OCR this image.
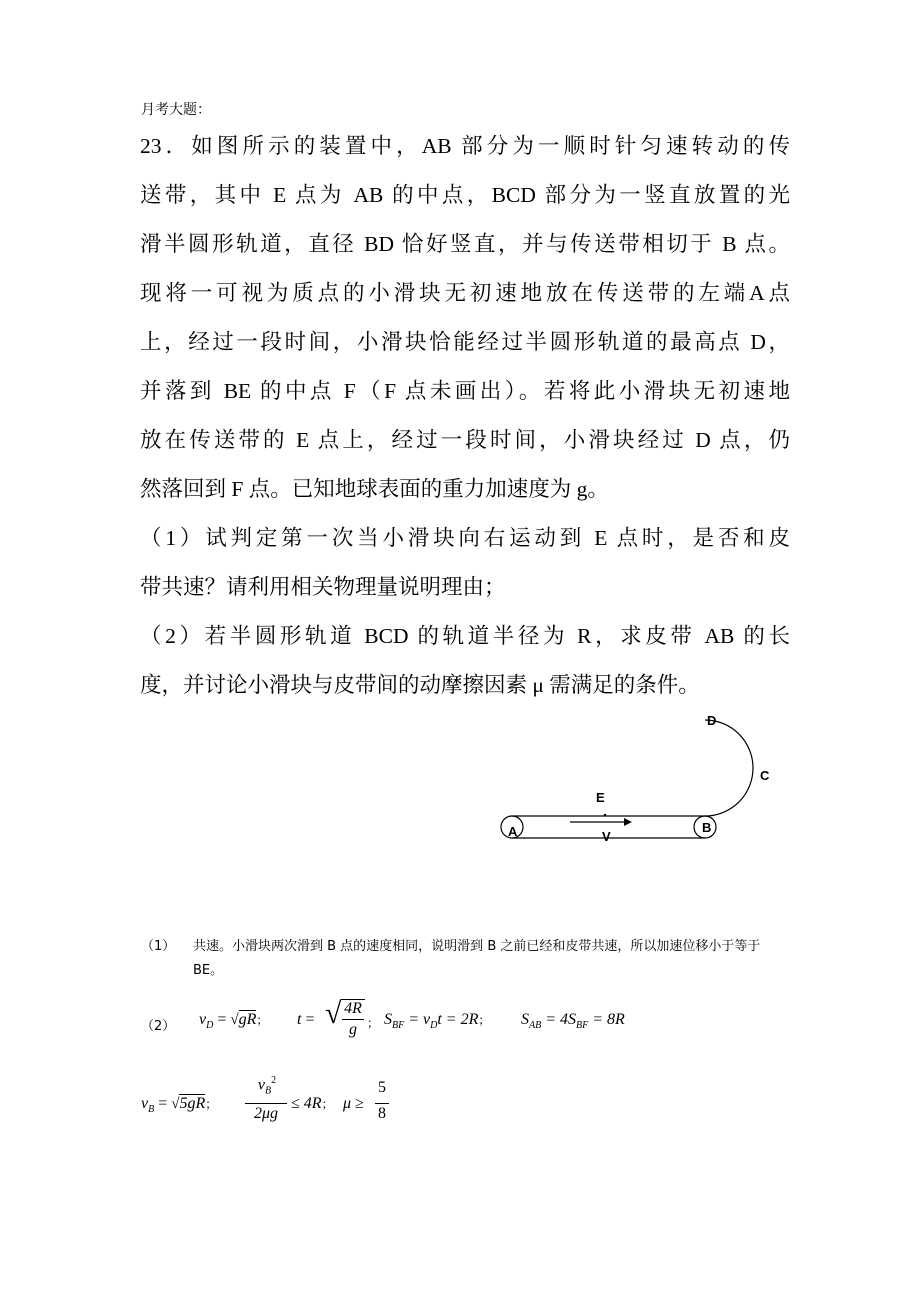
月考大题：

23．如图所示的装置中，AB 部分为一顺时针匀速转动的传

送带，其中 E 点为 AB 的中点，BCD 部分为一竖直放置的光

滑半圆形轨道，直径 BD 恰好竖直，并与传送带相切于 B 点。

现将一可视为质点的小滑块无初速地放在传送带的左端A点

上，经过一段时间，小滑块恰能经过半圆形轨道的最高点 D，

并落到 BE 的中点 F（F 点未画出）。若将此小滑块无初速地

放在传送带的 E 点上，经过一段时间，小滑块经过 D 点，仍

然落回到 F 点。已知地球表面的重力加速度为 g。

（1）试判定第一次当小滑块向右运动到 E 点时，是否和皮

带共速？请利用相关物理量说明理由；

（2）若半圆形轨道 BCD 的轨道半径为 R，求皮带 AB 的长

度，并讨论小滑块与皮带间的动摩擦因素 μ 需满足的条件。

D
C
E
A	B
V
（1） 共速。小滑块两次滑到 B 点的速度相同，说明滑到 B 之前已经和皮带共速，所以加速位移小于等于 BE。
（2） $v_D = √gR$； t = √ 4R
g ； $S_{BF} = v_Dt = 2R$； $S_{AB} = 4S_{BF} = 8R$
$v_B = √5gR$；
$v_B^2$
2μg
≤ 4R； μ ≥
5
8
